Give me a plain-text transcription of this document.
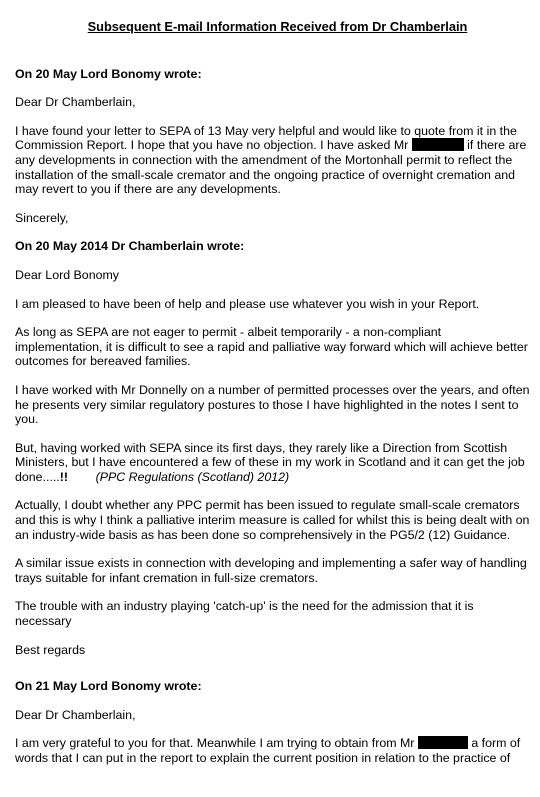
Subsequent E-mail Information Received from Dr Chamberlain
On 20 May Lord Bonomy wrote:

Dear Dr Chamberlain,

I have found your letter to SEPA of 13 May very helpful and would like to quote from it in the Commission Report. I hope that you have no objection. I have asked Mr	if there are any developments in connection with the amendment of the Mortonhall permit to reflect the installation of the small-scale cremator and the ongoing practice of overnight cremation and may revert to you if there are any developments.

Sincerely,

On 20 May 2014 Dr Chamberlain wrote:

Dear Lord Bonomy

I am pleased to have been of help and please use whatever you wish in your Report.

As long as SEPA are not eager to permit - albeit temporarily - a non-compliant implementation, it is difficult to see a rapid and palliative way forward which will achieve better outcomes for bereaved families.

I have worked with Mr Donnelly on a number of permitted processes over the years, and often he presents very similar regulatory postures to those I have highlighted in the notes I sent to you.

But, having worked with SEPA since its first days, they rarely like a Direction from Scottish Ministers, but I have encountered a few of these in my work in Scotland and it can get the job done.....!! (PPC Regulations (Scotland) 2012)

Actually, I doubt whether any PPC permit has been issued to regulate small-scale cremators and this is why I think a palliative interim measure is called for whilst this is being dealt with on an industry-wide basis as has been done so comprehensively in the PG5/2 (12) Guidance.

A similar issue exists in connection with developing and implementing a safer way of handling trays suitable for infant cremation in full-size cremators.

The trouble with an industry playing 'catch-up' is the need for the admission that it is necessary

Best regards

On 21 May Lord Bonomy wrote:

Dear Dr Chamberlain,

I am very grateful to you for that. Meanwhile I am trying to obtain from Mr	a form of words that I can put in the report to explain the current position in relation to the practice of
